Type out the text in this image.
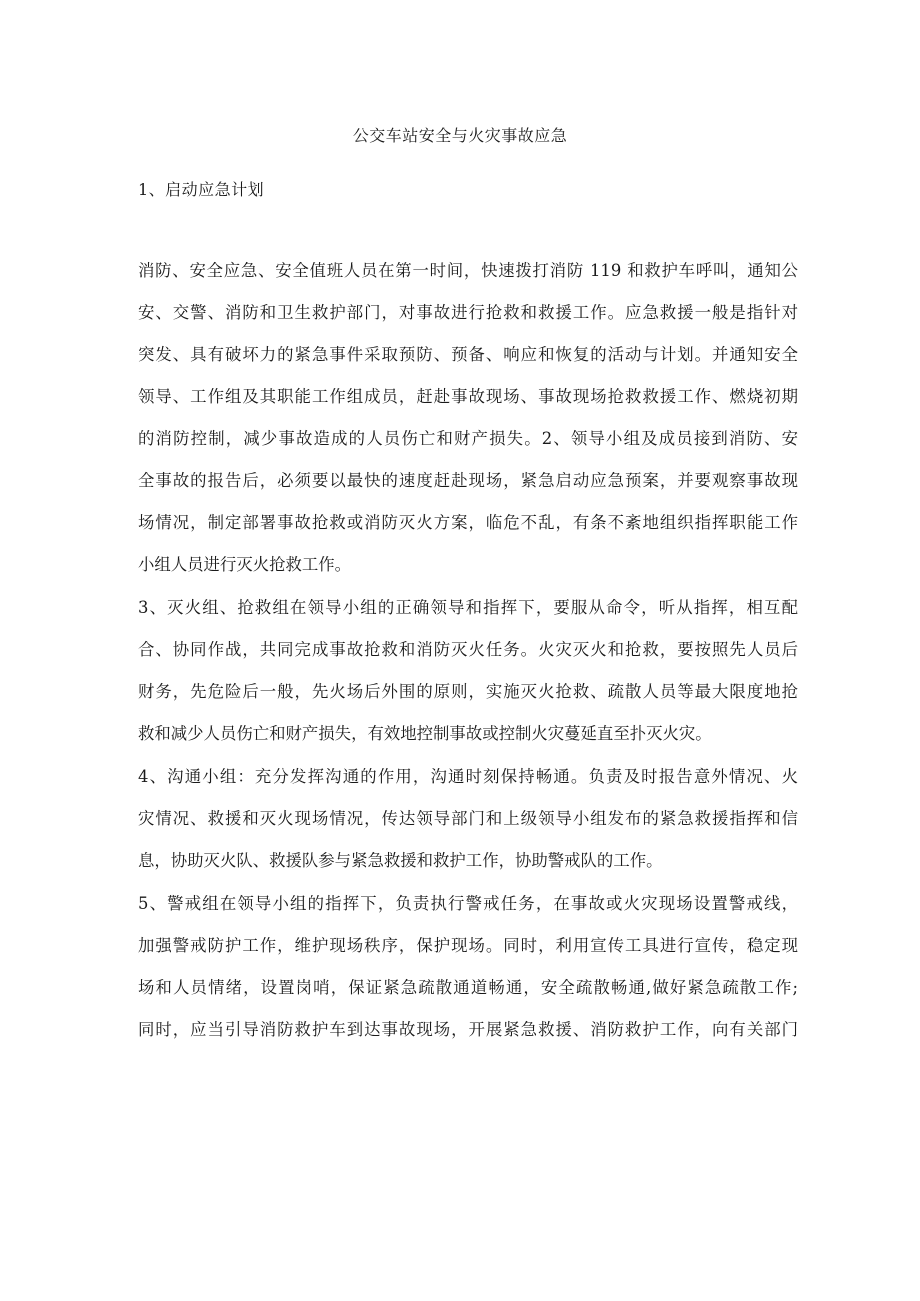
公交车站安全与火灾事故应急
1、启动应急计划
消防、安全应急、安全值班人员在第一时间，快速拨打消防 119 和救护车呼叫，通知公
安、交警、消防和卫生救护部门，对事故进行抢救和救援工作。应急救援一般是指针对
突发、具有破坏力的紧急事件采取预防、预备、响应和恢复的活动与计划。并通知安全
领导、工作组及其职能工作组成员，赶赴事故现场、事故现场抢救救援工作、燃烧初期
的消防控制，减少事故造成的人员伤亡和财产损失。2、领导小组及成员接到消防、安
全事故的报告后，必须要以最快的速度赶赴现场，紧急启动应急预案，并要观察事故现
场情况，制定部署事故抢救或消防灭火方案，临危不乱，有条不紊地组织指挥职能工作
小组人员进行灭火抢救工作。
3、灭火组、抢救组在领导小组的正确领导和指挥下，要服从命令，听从指挥，相互配
合、协同作战，共同完成事故抢救和消防灭火任务。火灾灭火和抢救，要按照先人员后
财务，先危险后一般，先火场后外围的原则，实施灭火抢救、疏散人员等最大限度地抢
救和减少人员伤亡和财产损失，有效地控制事故或控制火灾蔓延直至扑灭火灾。
4、沟通小组：充分发挥沟通的作用，沟通时刻保持畅通。负责及时报告意外情况、火
灾情况、救援和灭火现场情况，传达领导部门和上级领导小组发布的紧急救援指挥和信
息，协助灭火队、救援队参与紧急救援和救护工作，协助警戒队的工作。
5、警戒组在领导小组的指挥下，负责执行警戒任务，在事故或火灾现场设置警戒线，
加强警戒防护工作，维护现场秩序，保护现场。同时，利用宣传工具进行宣传，稳定现
场和人员情绪，设置岗哨，保证紧急疏散通道畅通，安全疏散畅通,做好紧急疏散工作;
同时，应当引导消防救护车到达事故现场，开展紧急救援、消防救护工作，向有关部门
